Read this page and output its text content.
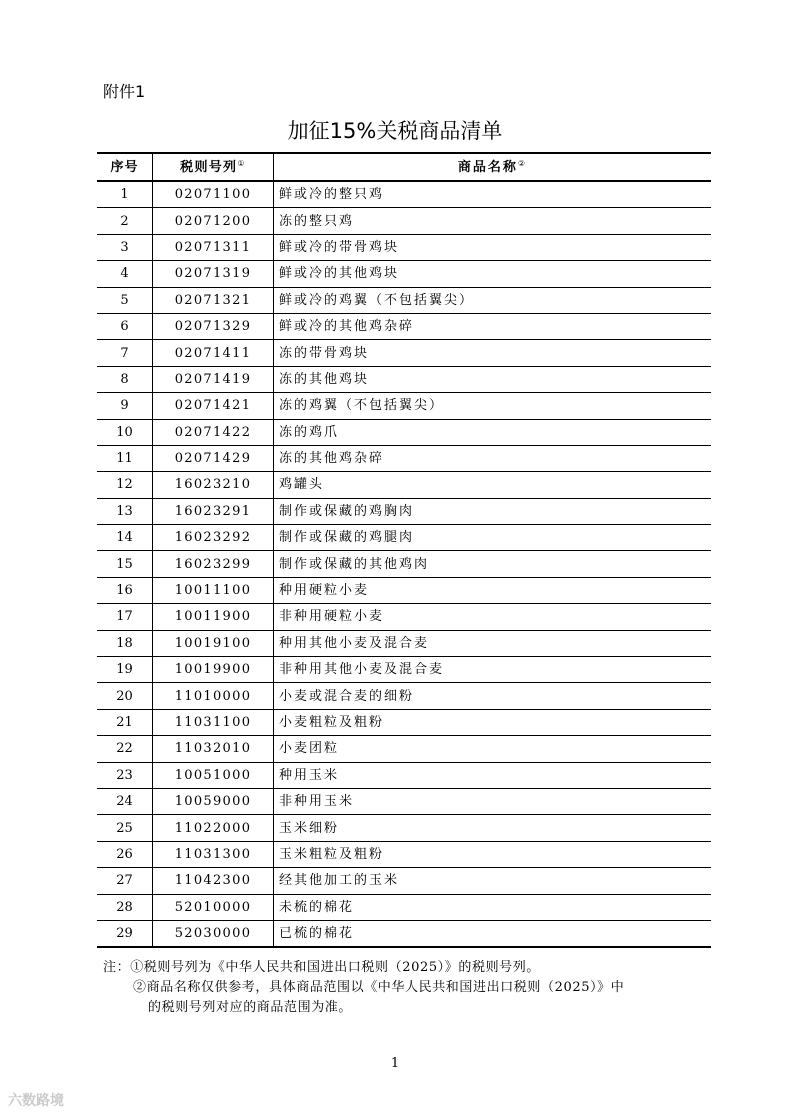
附件1
加征15%关税商品清单
序号	税则号列①	商品名称②
1	02071100	鲜或冷的整只鸡
2	02071200	冻的整只鸡
3	02071311	鲜或冷的带骨鸡块
4	02071319	鲜或冷的其他鸡块
5	02071321	鲜或冷的鸡翼（不包括翼尖）
6	02071329	鲜或冷的其他鸡杂碎
7	02071411	冻的带骨鸡块
8	02071419	冻的其他鸡块
9	02071421	冻的鸡翼（不包括翼尖）
10	02071422	冻的鸡爪
11	02071429	冻的其他鸡杂碎
12	16023210	鸡罐头
13	16023291	制作或保藏的鸡胸肉
14	16023292	制作或保藏的鸡腿肉
15	16023299	制作或保藏的其他鸡肉
16	10011100	种用硬粒小麦
17	10011900	非种用硬粒小麦
18	10019100	种用其他小麦及混合麦
19	10019900	非种用其他小麦及混合麦
20	11010000	小麦或混合麦的细粉
21	11031100	小麦粗粒及粗粉
22	11032010	小麦团粒
23	10051000	种用玉米
24	10059000	非种用玉米
25	11022000	玉米细粉
26	11031300	玉米粗粒及粗粉
27	11042300	经其他加工的玉米
28	52010000	未梳的棉花
29	52030000	已梳的棉花
注：①税则号列为《中华人民共和国进出口税则（2025）》的税则号列。
②商品名称仅供参考，具体商品范围以《中华人民共和国进出口税则（2025）》中
的税则号列对应的商品范围为准。
1
六数路境
